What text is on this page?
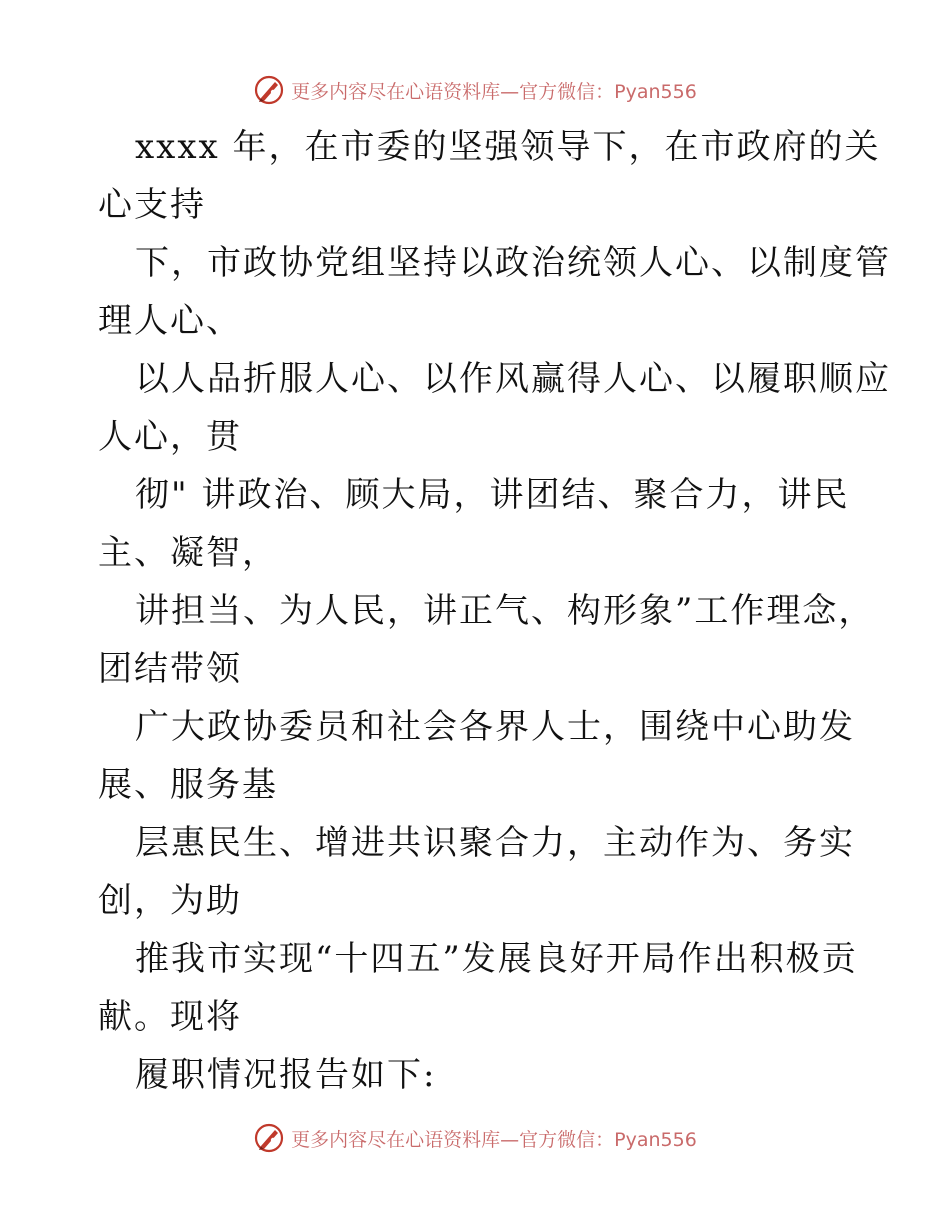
更多内容尽在心语资料库—官方微信：Pyan556
xxxx 年，在市委的坚强领导下，在市政府的关
心支持
下，市政协党组坚持以政治统领人心、以制度管
理人心、
以人品折服人心、以作风赢得人心、以履职顺应
人心，贯
彻" 讲政治、顾大局，讲团结、聚合力，讲民
主、凝智，
讲担当、为人民，讲正气、构形象”工作理念，
团结带领
广大政协委员和社会各界人士，围绕中心助发
展、服务基
层惠民生、增进共识聚合力，主动作为、务实
创，为助
推我市实现“十四五”发展良好开局作出积极贡
献。现将
履职情况报告如下:
更多内容尽在心语资料库—官方微信：Pyan556
